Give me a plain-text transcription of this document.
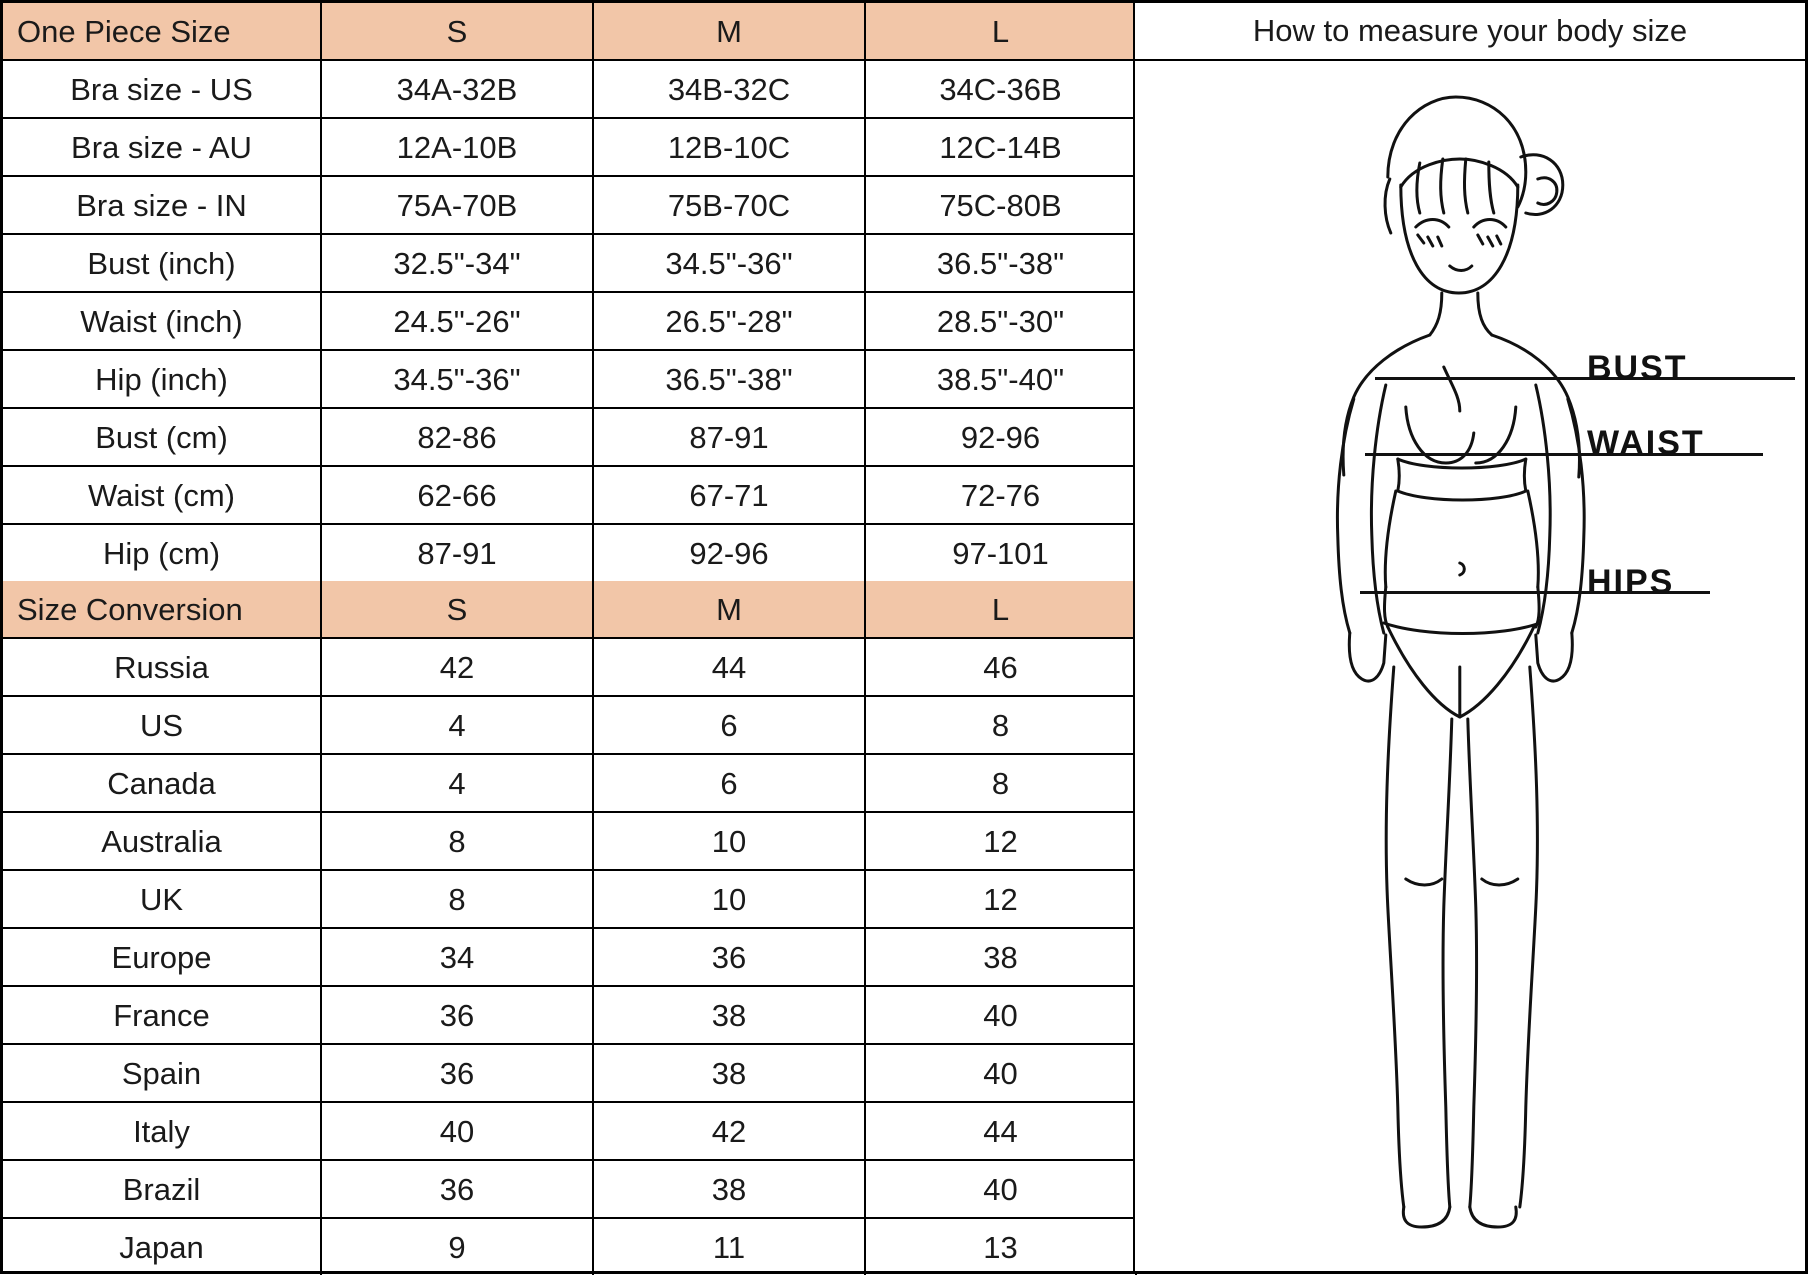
One Piece Size	S	M	L
Bra size - US	34A-32B	34B-32C	34C-36B
Bra size - AU	12A-10B	12B-10C	12C-14B
Bra size - IN	75A-70B	75B-70C	75C-80B
Bust (inch)	32.5"-34"	34.5"-36"	36.5"-38"
Waist (inch)	24.5"-26"	26.5"-28"	28.5"-30"
Hip (inch)	34.5"-36"	36.5"-38"	38.5"-40"
Bust (cm)	82-86	87-91	92-96
Waist (cm)	62-66	67-71	72-76
Hip (cm)	87-91	92-96	97-101
Size Conversion	S	M	L
Russia	42	44	46
US	4	6	8
Canada	4	6	8
Australia	8	10	12
UK	8	10	12
Europe	34	36	38
France	36	38	40
Spain	36	38	40
Italy	40	42	44
Brazil	36	38	40
Japan	9	11	13
How to measure your body size
BUST
WAIST
HIPS
